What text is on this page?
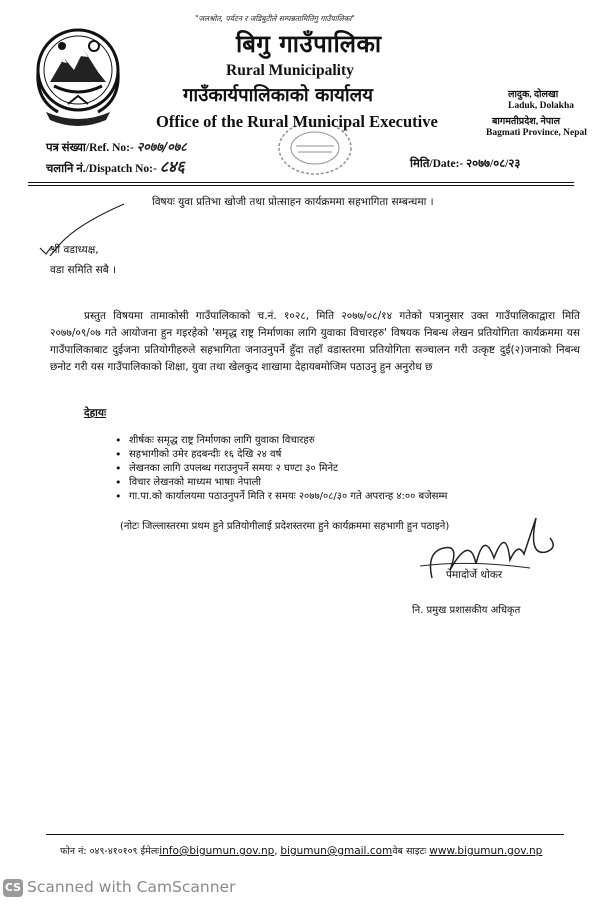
"जलश्रोत, पर्यटन र जडिबुटीले सम्पन्नतामितिगु गाउँपालिका"
बिगु गाउँपालिका
Rural Municipality
गाउँकार्यपालिकाको कार्यालय
Office of the Rural Municipal Executive
लादुक, दोलखा
Laduk, Dolakha
बागमतीप्रदेश, नेपाल
Bagmati Province, Nepal
पत्र संख्या/Ref. No:- २०७७/०७८
चलानि नं./Dispatch No:- ८४६	मिति/Date:- २०७७/०८/२३
विषयः युवा प्रतिभा खोजी तथा प्रोत्साहन कार्यक्रममा सहभागिता सम्बन्धमा ।
श्री वडाध्यक्ष,
वडा समिति सबै ।
प्रस्तुत विषयमा तामाकोसी गाउँपालिकाको च.नं. १०२८, मिति २०७७/०८/१४ गतेको पत्रानुसार उक्त गाउँपालिकाद्वारा मिति २०७७/०९/०७ गते आयोजना हुन गइरहेको 'समृद्ध राष्ट्र निर्माणका लागि युवाका विचारहरु' विषयक निबन्ध लेखन प्रतियोगिता कार्यक्रममा यस गाउँपालिकाबाट दुईजना प्रतियोगीहरुले सहभागिता जनाउनुपर्ने हुँदा तहाँ वडास्तरमा प्रतियोगिता सञ्चालन गरी उत्कृष्ट दुई(२)जनाको निबन्ध छनोट गरी यस गाउँपालिकाको शिक्षा, युवा तथा खेलकुद शाखामा देहायबमोजिम पठाउनु हुन अनुरोध छ
देहायः
• शीर्षकः समृद्ध राष्ट्र निर्माणका लागि युवाका विचारहरु
• सहभागीको उमेर हदबन्दीः १६ देखि २४ वर्ष
• लेखनका लागि उपलब्ध गराउनुपर्ने समयः २ घण्टा ३० मिनेट
• विचार लेखनको माध्यम भाषाः नेपाली
• गा.पा.को कार्यालयमा पठाउनुपर्ने मिति र समयः २०७७/०८/३० गते अपरान्ह ४:०० बजेसम्म
(नोटः जिल्लास्तरमा प्रथम हुने प्रतियोगीलाई प्रदेशस्तरमा हुने कार्यक्रममा सहभागी हुन पठाइने)
पेमादोर्जे थोकर
नि. प्रमुख प्रशासकीय अधिकृत
फोन नं: ०४९-४१०१०९ ईमेलःinfo@bigumun.gov.np, bigumun@gmail.comवेब साइटः www.bigumun.gov.np
CS Scanned with CamScanner
